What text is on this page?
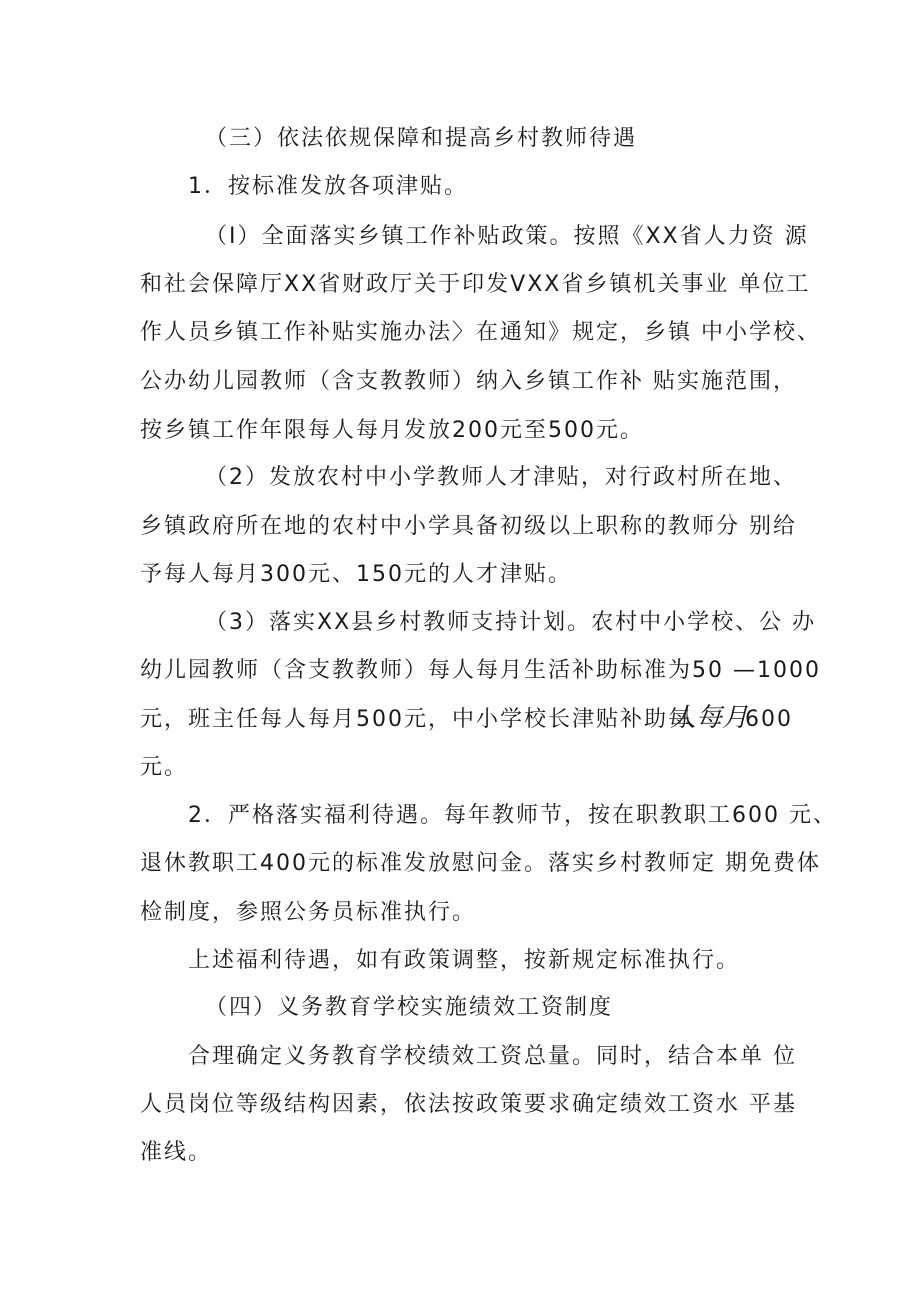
（三）依法依规保障和提高乡村教师待遇
1．按标准发放各项津贴。
（I）全面落实乡镇工作补贴政策。按照《XX省人力资 源
和社会保障厅XX省财政厅关于印发VXX省乡镇机关事业 单位工
作人员乡镇工作补贴实施办法〉在通知》规定，乡镇 中小学校、
公办幼儿园教师（含支教教师）纳入乡镇工作补 贴实施范围，
按乡镇工作年限每人每月发放200元至500元。
（2）发放农村中小学教师人才津贴，对行政村所在地、
乡镇政府所在地的农村中小学具备初级以上职称的教师分 别给
予每人每月300元、150元的人才津贴。
（3）落实XX县乡村教师支持计划。农村中小学校、公 办
幼儿园教师（含支教教师）每人每月生活补助标准为50 —1000
元，班主任每人每月500元，中小学校长津贴补助每
人每月
600
元。
2．严格落实福利待遇。每年教师节，按在职教职工600 元、
退休教职工400元的标准发放慰问金。落实乡村教师定 期免费体
检制度，参照公务员标准执行。
上述福利待遇，如有政策调整，按新规定标准执行。
（四）义务教育学校实施绩效工资制度
合理确定义务教育学校绩效工资总量。同时，结合本单 位
人员岗位等级结构因素，依法按政策要求确定绩效工资水 平基
准线。
